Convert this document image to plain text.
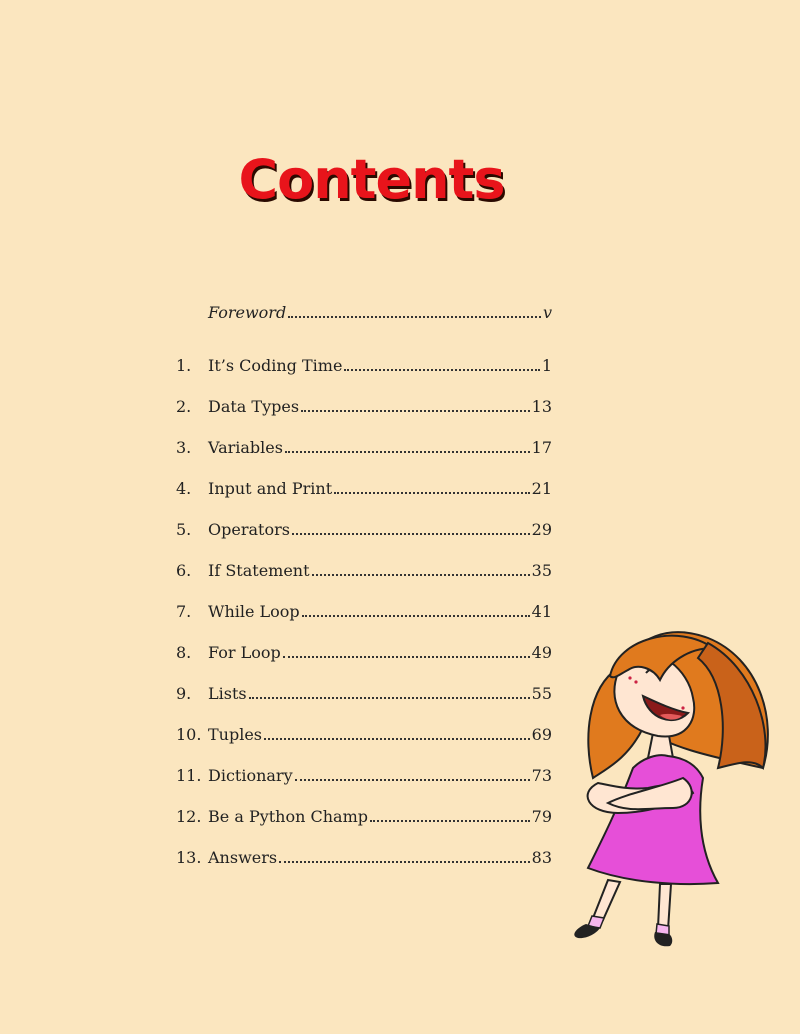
Contents
Foreword	v
1.	It’s Coding Time	1
2.	Data Types	13
3.	Variables	17
4.	Input and Print	21
5.	Operators	29
6.	If Statement	35
7.	While Loop	41
8.	For Loop	49
9.	Lists	55
10. Tuples	69
11. Dictionary	73
12. Be a Python Champ	79
13. Answers	83
